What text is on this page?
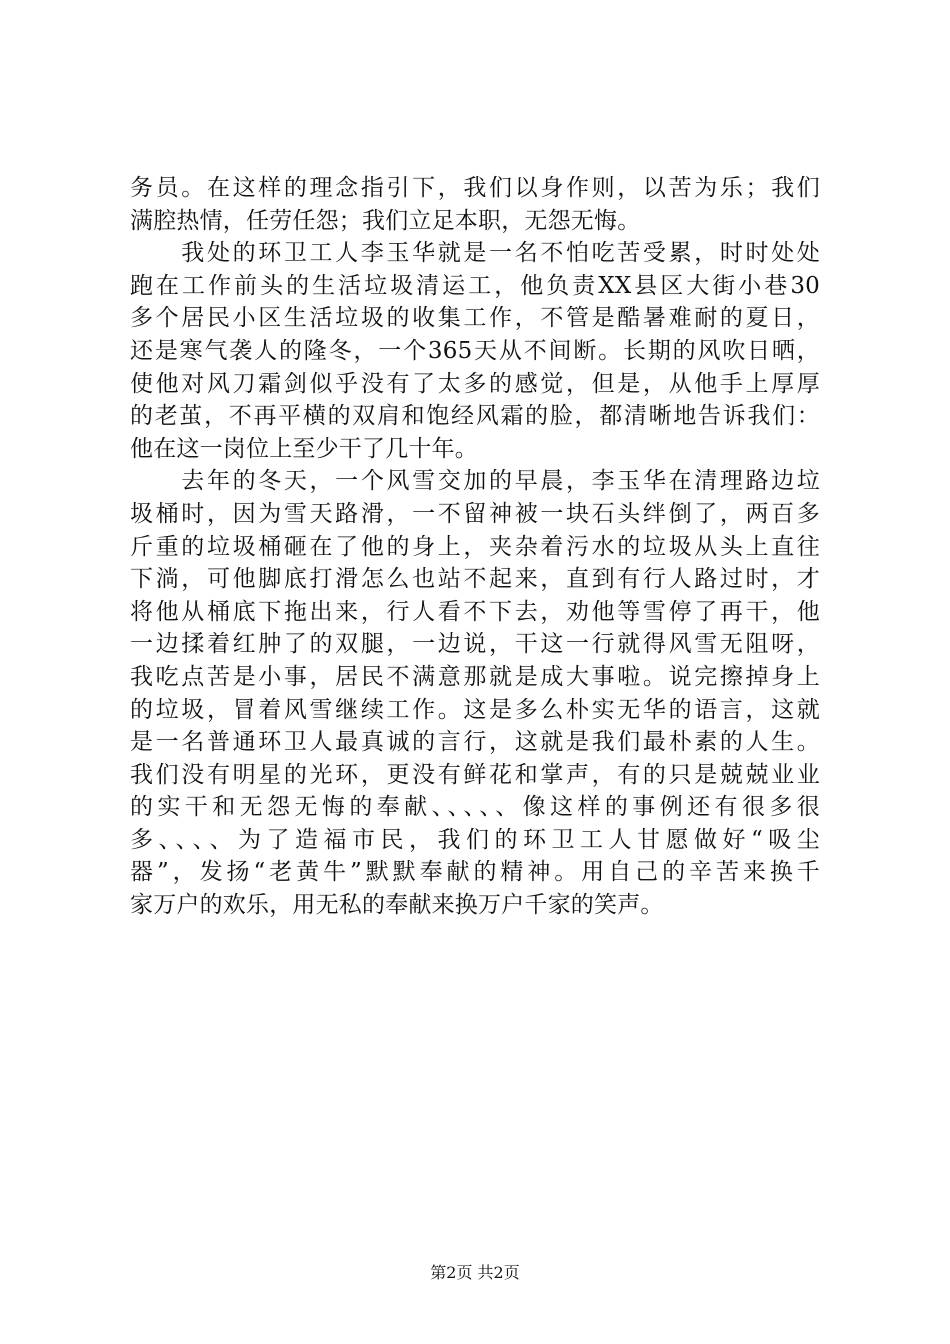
务员。在这样的理念指引下，我们以身作则，以苦为乐；我们
满腔热情，任劳任怨；我们立足本职，无怨无悔。
　　我处的环卫工人李玉华就是一名不怕吃苦受累，时时处处
跑在工作前头的生活垃圾清运工，他负责XX县区大街小巷30
多个居民小区生活垃圾的收集工作，不管是酷暑难耐的夏日，
还是寒气袭人的隆冬，一个365天从不间断。长期的风吹日晒，
使他对风刀霜剑似乎没有了太多的感觉，但是，从他手上厚厚
的老茧，不再平横的双肩和饱经风霜的脸，都清晰地告诉我们：
他在这一岗位上至少干了几十年。
　　去年的冬天，一个风雪交加的早晨，李玉华在清理路边垃
圾桶时，因为雪天路滑，一不留神被一块石头绊倒了，两百多
斤重的垃圾桶砸在了他的身上，夹杂着污水的垃圾从头上直往
下淌，可他脚底打滑怎么也站不起来，直到有行人路过时，才
将他从桶底下拖出来，行人看不下去，劝他等雪停了再干，他
一边揉着红肿了的双腿，一边说，干这一行就得风雪无阻呀，
我吃点苦是小事，居民不满意那就是成大事啦。说完擦掉身上
的垃圾，冒着风雪继续工作。这是多么朴实无华的语言，这就
是一名普通环卫人最真诚的言行，这就是我们最朴素的人生。
我们没有明星的光环，更没有鲜花和掌声，有的只是兢兢业业
的实干和无怨无悔的奉献、、、、、像这样的事例还有很多很
多、、、、为了造福市民，我们的环卫工人甘愿做好“吸尘
器”，发扬“老黄牛”默默奉献的精神。用自己的辛苦来换千
家万户的欢乐，用无私的奉献来换万户千家的笑声。
第2页 共2页
